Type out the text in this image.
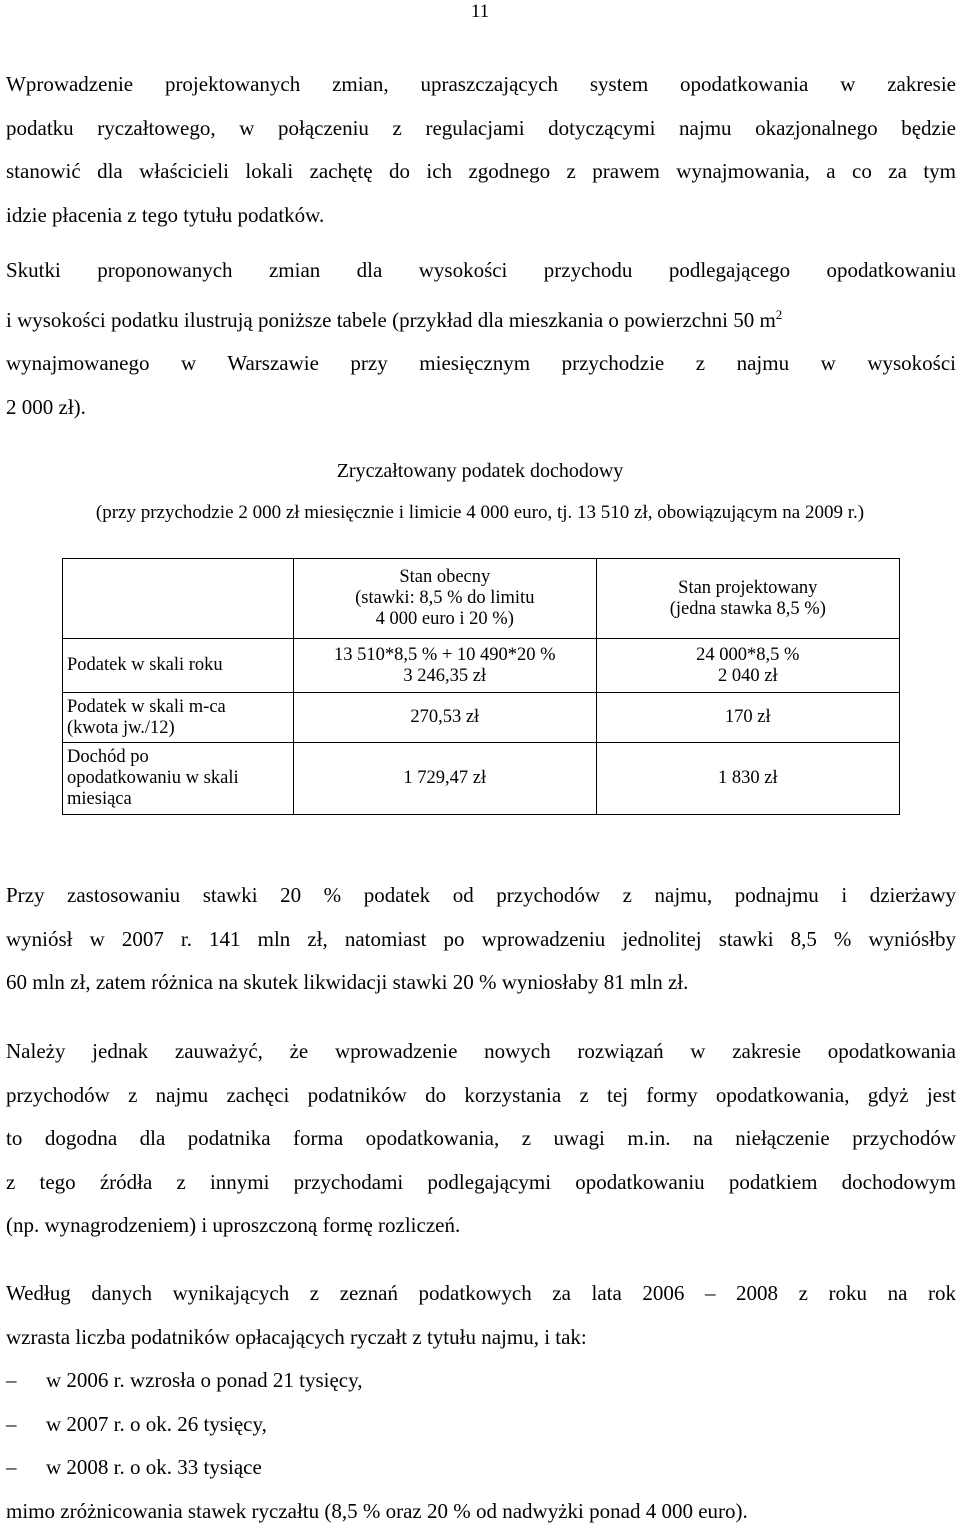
11

Wprowadzenie projektowanych zmian, upraszczających system opodatkowania w zakresie
podatku ryczałtowego, w połączeniu z regulacjami dotyczącymi najmu okazjonalnego będzie
stanowić dla właścicieli lokali zachętę do ich zgodnego z prawem wynajmowania, a co za tym
idzie płacenia z tego tytułu podatków.

Skutki proponowanych zmian dla wysokości przychodu podlegającego opodatkowaniu
i wysokości podatku ilustrują poniższe tabele (przykład dla mieszkania o powierzchni 50 $m^2$
wynajmowanego w Warszawie przy miesięcznym przychodzie z najmu w wysokości
2 000 zł).

Zryczałtowany podatek dochodowy
(przy przychodzie 2 000 zł miesięcznie i limicie 4 000 euro, tj. 13 510 zł, obowiązującym na 2009 r.)

	Stan obecny
(stawki: 8,5 % do limitu
4 000 euro i 20 %)	Stan projektowany
(jedna stawka 8,5 %)

Podatek w skali roku	13 510*8,5 % + 10 490*20 %
3 246,35 zł	24 000*8,5 %
2 040 zł

Podatek w skali m-ca
(kwota jw./12)	270,53 zł	170 zł

Dochód po
opodatkowaniu w skali
miesiąca	1 729,47 zł	1 830 zł

Przy zastosowaniu stawki 20 % podatek od przychodów z najmu, podnajmu i dzierżawy
wyniósł w 2007 r. 141 mln zł, natomiast po wprowadzeniu jednolitej stawki 8,5 % wyniósłby
60 mln zł, zatem różnica na skutek likwidacji stawki 20 % wyniosłaby 81 mln zł.

Należy jednak zauważyć, że wprowadzenie nowych rozwiązań w zakresie opodatkowania
przychodów z najmu zachęci podatników do korzystania z tej formy opodatkowania, gdyż jest
to dogodna dla podatnika forma opodatkowania, z uwagi m.in. na niełączenie przychodów
z tego źródła z innymi przychodami podlegającymi opodatkowaniu podatkiem dochodowym
(np. wynagrodzeniem) i uproszczoną formę rozliczeń.

Według danych wynikających z zeznań podatkowych za lata 2006 – 2008 z roku na rok
wzrasta liczba podatników opłacających ryczałt z tytułu najmu, i tak:
– w 2006 r. wzrosła o ponad 21 tysięcy,
– w 2007 r. o ok. 26 tysięcy,
– w 2008 r. o ok. 33 tysiące
mimo zróżnicowania stawek ryczałtu (8,5 % oraz 20 % od nadwyżki ponad 4 000 euro).
